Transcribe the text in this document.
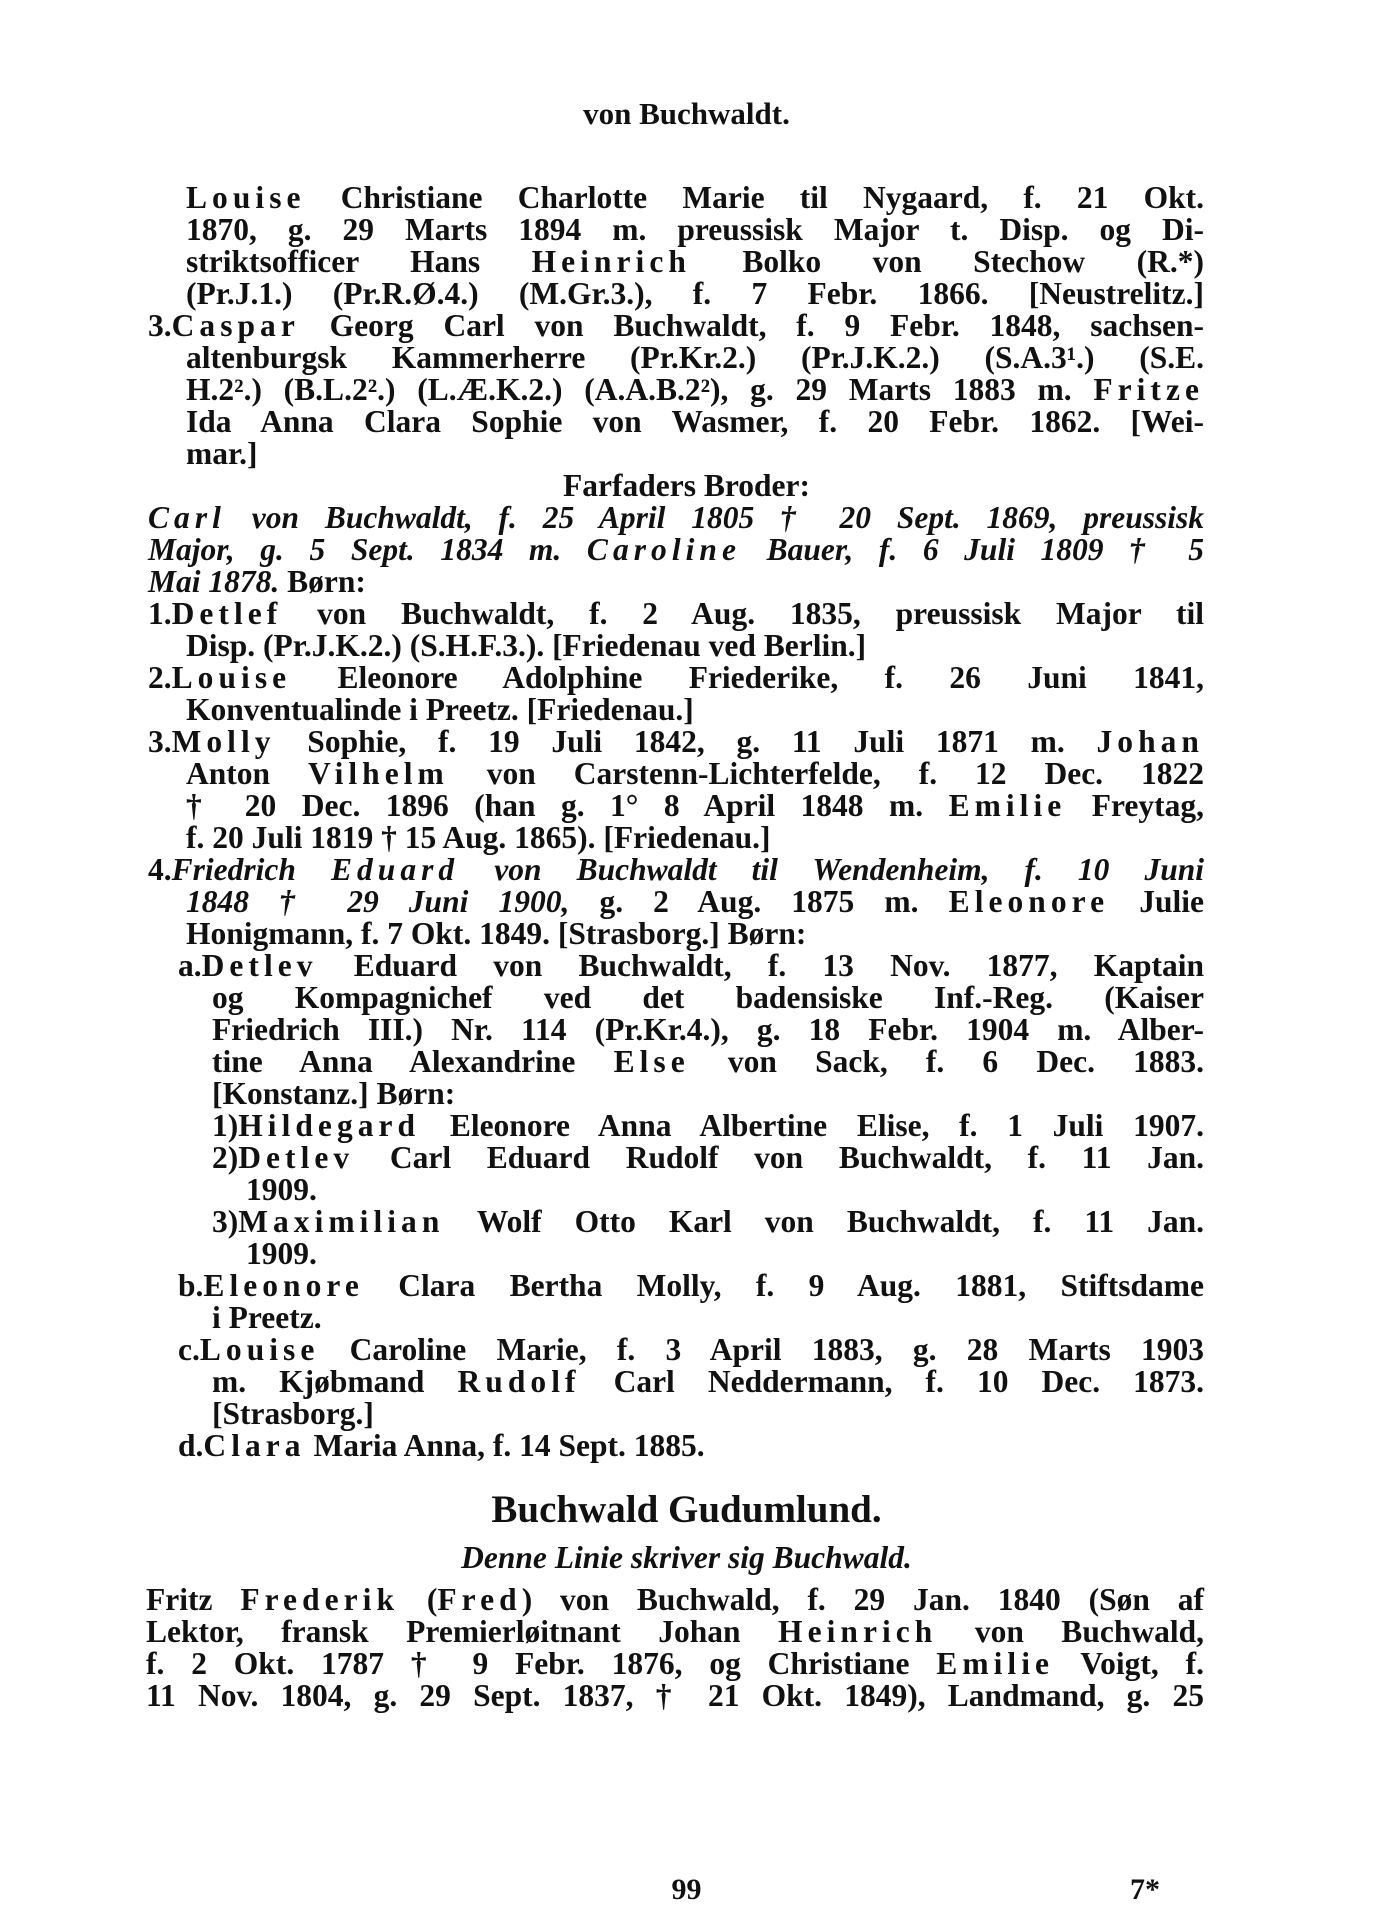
von Buchwaldt.
Louise Christiane Charlotte Marie til Nygaard, f. 21 Okt.
1870, g. 29 Marts 1894 m. preussisk Major t. Disp. og Di-
striktsofficer Hans Heinrich Bolko von Stechow (R.*)
(Pr.J.1.) (Pr.R.Ø.4.) (M.Gr.3.), f. 7 Febr. 1866. [Neustrelitz.]
3.Caspar Georg Carl von Buchwaldt, f. 9 Febr. 1848, sachsen-
altenburgsk Kammerherre (Pr.Kr.2.) (Pr.J.K.2.) (S.A.3¹.) (S.E.
H.2².) (B.L.2².) (L.Æ.K.2.) (A.A.B.2²), g. 29 Marts 1883 m. Fritze
Ida Anna Clara Sophie von Wasmer, f. 20 Febr. 1862. [Wei-
mar.]
Farfaders Broder:
Carl von Buchwaldt, f. 25 April 1805 † 20 Sept. 1869, preussisk
Major, g. 5 Sept. 1834 m. Caroline Bauer, f. 6 Juli 1809 † 5
Mai 1878. Børn:
1.Detlef von Buchwaldt, f. 2 Aug. 1835, preussisk Major til
Disp. (Pr.J.K.2.) (S.H.F.3.). [Friedenau ved Berlin.]
2.Louise Eleonore Adolphine Friederike, f. 26 Juni 1841,
Konventualinde i Preetz. [Friedenau.]
3.Molly Sophie, f. 19 Juli 1842, g. 11 Juli 1871 m. Johan
Anton Vilhelm von Carstenn-Lichterfelde, f. 12 Dec. 1822
† 20 Dec. 1896 (han g. 1° 8 April 1848 m. Emilie Freytag,
f. 20 Juli 1819 † 15 Aug. 1865). [Friedenau.]
4.Friedrich Eduard von Buchwaldt til Wendenheim, f. 10 Juni
1848 † 29 Juni 1900, g. 2 Aug. 1875 m. Eleonore Julie
Honigmann, f. 7 Okt. 1849. [Strasborg.] Børn:
a.Detlev Eduard von Buchwaldt, f. 13 Nov. 1877, Kaptain
og Kompagnichef ved det badensiske Inf.-Reg. (Kaiser
Friedrich III.) Nr. 114 (Pr.Kr.4.), g. 18 Febr. 1904 m. Alber-
tine Anna Alexandrine Else von Sack, f. 6 Dec. 1883.
[Konstanz.] Børn:
1)Hildegard Eleonore Anna Albertine Elise, f. 1 Juli 1907.
2)Detlev Carl Eduard Rudolf von Buchwaldt, f. 11 Jan.
1909.
3)Maximilian Wolf Otto Karl von Buchwaldt, f. 11 Jan.
1909.
b.Eleonore Clara Bertha Molly, f. 9 Aug. 1881, Stiftsdame
i Preetz.
c.Louise Caroline Marie, f. 3 April 1883, g. 28 Marts 1903
m. Kjøbmand Rudolf Carl Neddermann, f. 10 Dec. 1873.
[Strasborg.]
d.Clara Maria Anna, f. 14 Sept. 1885.
Buchwald Gudumlund.
Denne Linie skriver sig Buchwald.
Fritz Frederik (Fred) von Buchwald, f. 29 Jan. 1840 (Søn af
Lektor, fransk Premierløitnant Johan Heinrich von Buchwald,
f. 2 Okt. 1787 † 9 Febr. 1876, og Christiane Emilie Voigt, f.
11 Nov. 1804, g. 29 Sept. 1837, † 21 Okt. 1849), Landmand, g. 25
99	7*
